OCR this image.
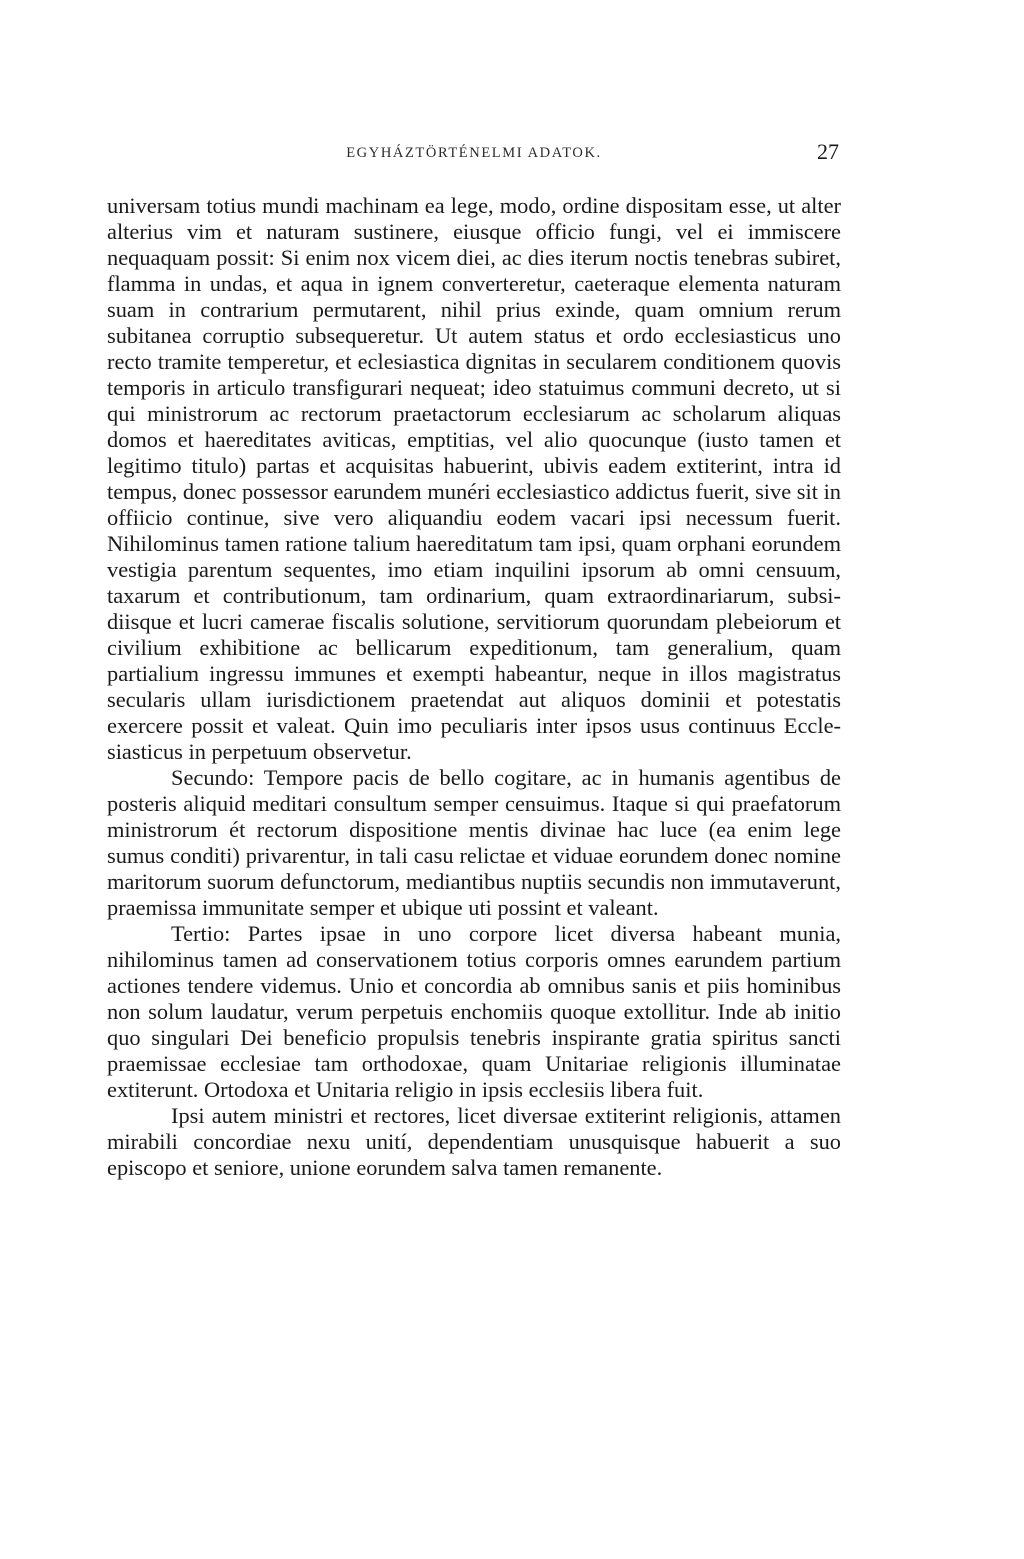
EGYHÁZTÖRTÉNELMI ADATOK.	27

universam totius mundi machinam ea lege, modo, ordine dispositam esse, ut alter alterius vim et naturam sustinere, eiusque officio fungi, vel ei immiscere nequaquam possit: Si enim nox vicem diei, ac dies iterum noctis tenebras subiret, flamma in undas, et aqua in ignem converteretur, caeteraque elementa naturam suam in contrarium permutarent, nihil prius exinde, quam omnium rerum subitanea corruptio subsequeretur. Ut autem status et ordo ecclesiasticus uno recto tramite temperetur, et eclesiastica dignitas in secularem conditionem quovis temporis in articulo transfigurari nequeat; ideo statuimus communi decreto, ut si qui ministrorum ac rectorum praetactorum ecclesiarum ac scholarum aliquas domos et haereditates aviticas, emptitias, vel alio quocunque (iusto tamen et legitimo titulo) partas et acquisitas habuerint, ubivis eadem extiterint, intra id tempus, donec possessor earundem munéri ecclesiastico addictus fuerit, sive sit in offiicio continue, sive vero aliquandiu eodem vacari ipsi necessum fuerit. Nihilominus tamen ratione talium haereditatum tam ipsi, quam orphani eorundem vestigia parentum sequentes, imo etiam inquilini ipsorum ab omni censuum, taxarum et contributionum, tam ordinarium, quam extraordinariarum, subsidiisque et lucri camerae fiscalis solutione, servitiorum quorundam plebeiorum et civilium exhibitione ac bellicarum expeditionum, tam generalium, quam partialium ingressu immunes et exempti habeantur, neque in illos magistratus secularis ullam iurisdictionem praetendat aut aliquos dominii et potestatis exercere possit et valeat. Quin imo peculiaris inter ipsos usus continuus Ecclesiasticus in perpetuum observetur.

Secundo: Tempore pacis de bello cogitare, ac in humanis agentibus de posteris aliquid meditari consultum semper censuimus. Itaque si qui praefatorum ministrorum ét rectorum dispositione mentis divinae hac luce (ea enim lege sumus conditi) privarentur, in tali casu relictae et viduae eorundem donec nomine maritorum suorum defunctorum, mediantibus nuptiis secundis non immutaverunt, praemissa immunitate semper et ubique uti possint et valeant.

Tertio: Partes ipsae in uno corpore licet diversa habeant munia, nihilominus tamen ad conservationem totius corporis omnes earundem partium actiones tendere videmus. Unio et concordia ab omnibus sanis et piis hominibus non solum laudatur, verum perpetuis enchomiis quoque extollitur. Inde ab initio quo singulari Dei beneficio propulsis tenebris inspirante gratia spiritus sancti praemissae ecclesiae tam orthodoxae, quam Unitariae religionis illuminatae extiterunt. Ortodoxa et Unitaria religio in ipsis ecclesiis libera fuit.

Ipsi autem ministri et rectores, licet diversae extiterint religionis, attamen mirabili concordiae nexu unití, dependentiam unusquisque habuerit a suo episcopo et seniore, unione eorundem salva tamen remanente.
